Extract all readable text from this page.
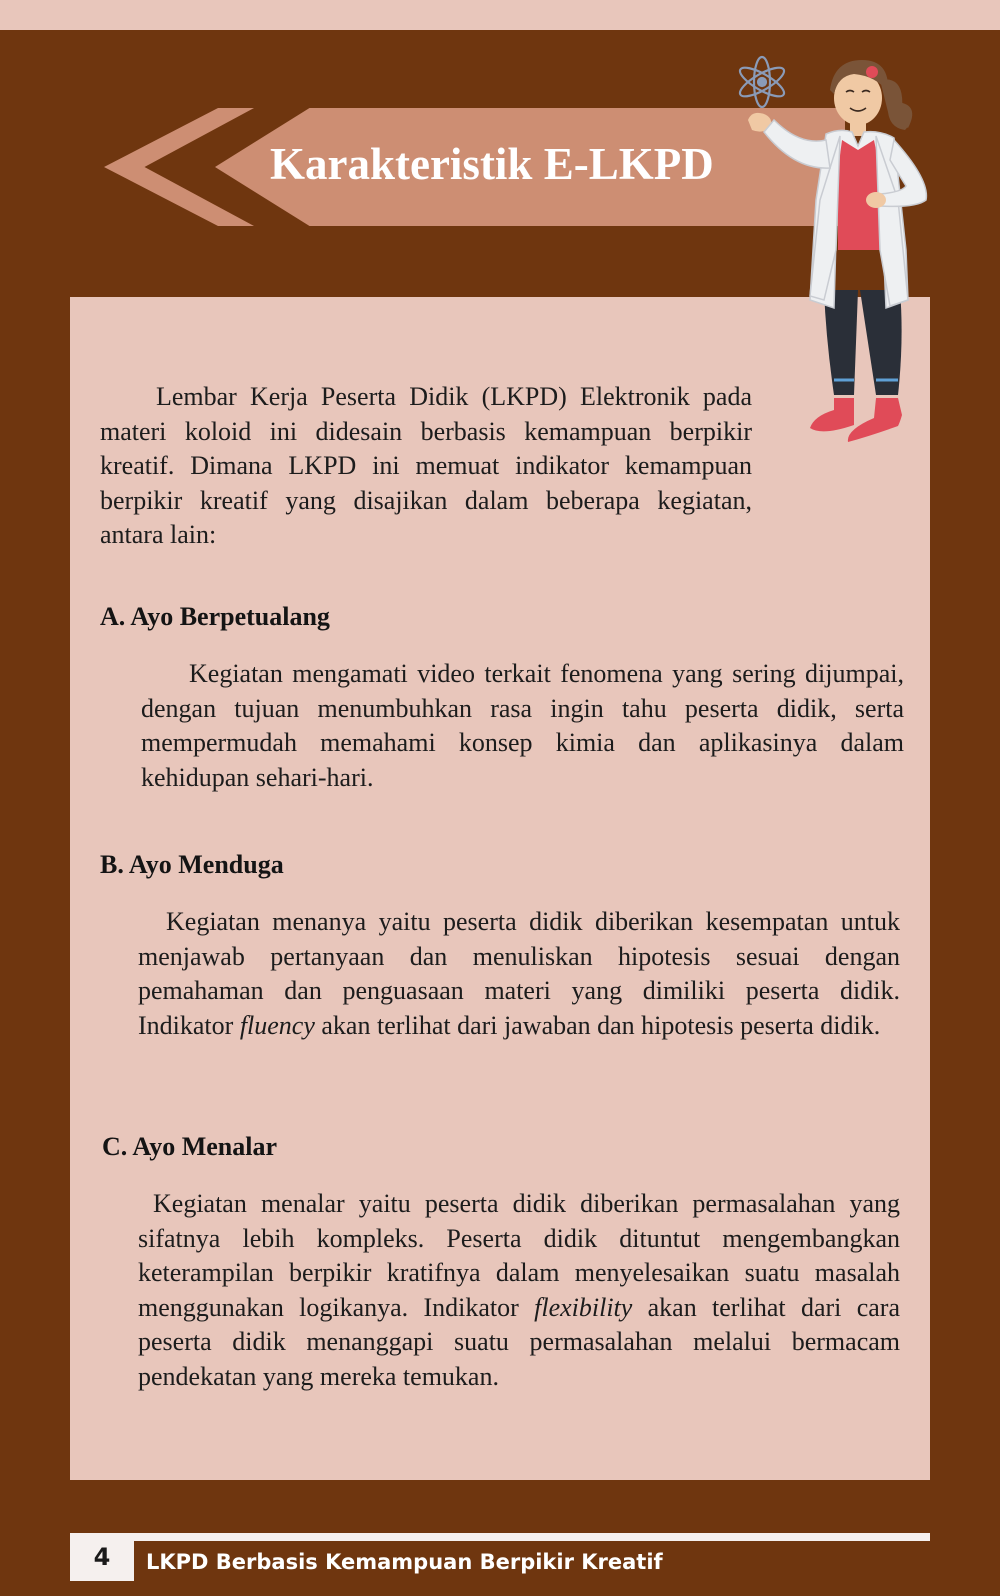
Karakteristik E-LKPD

Lembar Kerja Peserta Didik (LKPD) Elektronik pada materi koloid ini didesain berbasis kemampuan berpikir kreatif. Dimana LKPD ini memuat indikator kemampuan berpikir kreatif yang disajikan dalam beberapa kegiatan, antara lain:

A. Ayo Berpetualang

Kegiatan mengamati video terkait fenomena yang sering dijumpai, dengan tujuan menumbuhkan rasa ingin tahu peserta didik, serta mempermudah memahami konsep kimia dan aplikasinya dalam kehidupan sehari-hari.

B. Ayo Menduga

Kegiatan menanya yaitu peserta didik diberikan kesempatan untuk menjawab pertanyaan dan menuliskan hipotesis sesuai dengan pemahaman dan penguasaan materi yang dimiliki peserta didik. Indikator fluency akan terlihat dari jawaban dan hipotesis peserta didik.

C. Ayo Menalar

Kegiatan menalar yaitu peserta didik diberikan permasalahan yang sifatnya lebih kompleks. Peserta didik dituntut mengembangkan keterampilan berpikir kratifnya dalam menyelesaikan suatu masalah menggunakan logikanya. Indikator flexibility akan terlihat dari cara peserta didik menanggapi suatu permasalahan melalui bermacam pendekatan yang mereka temukan.

4	LKPD Berbasis Kemampuan Berpikir Kreatif
